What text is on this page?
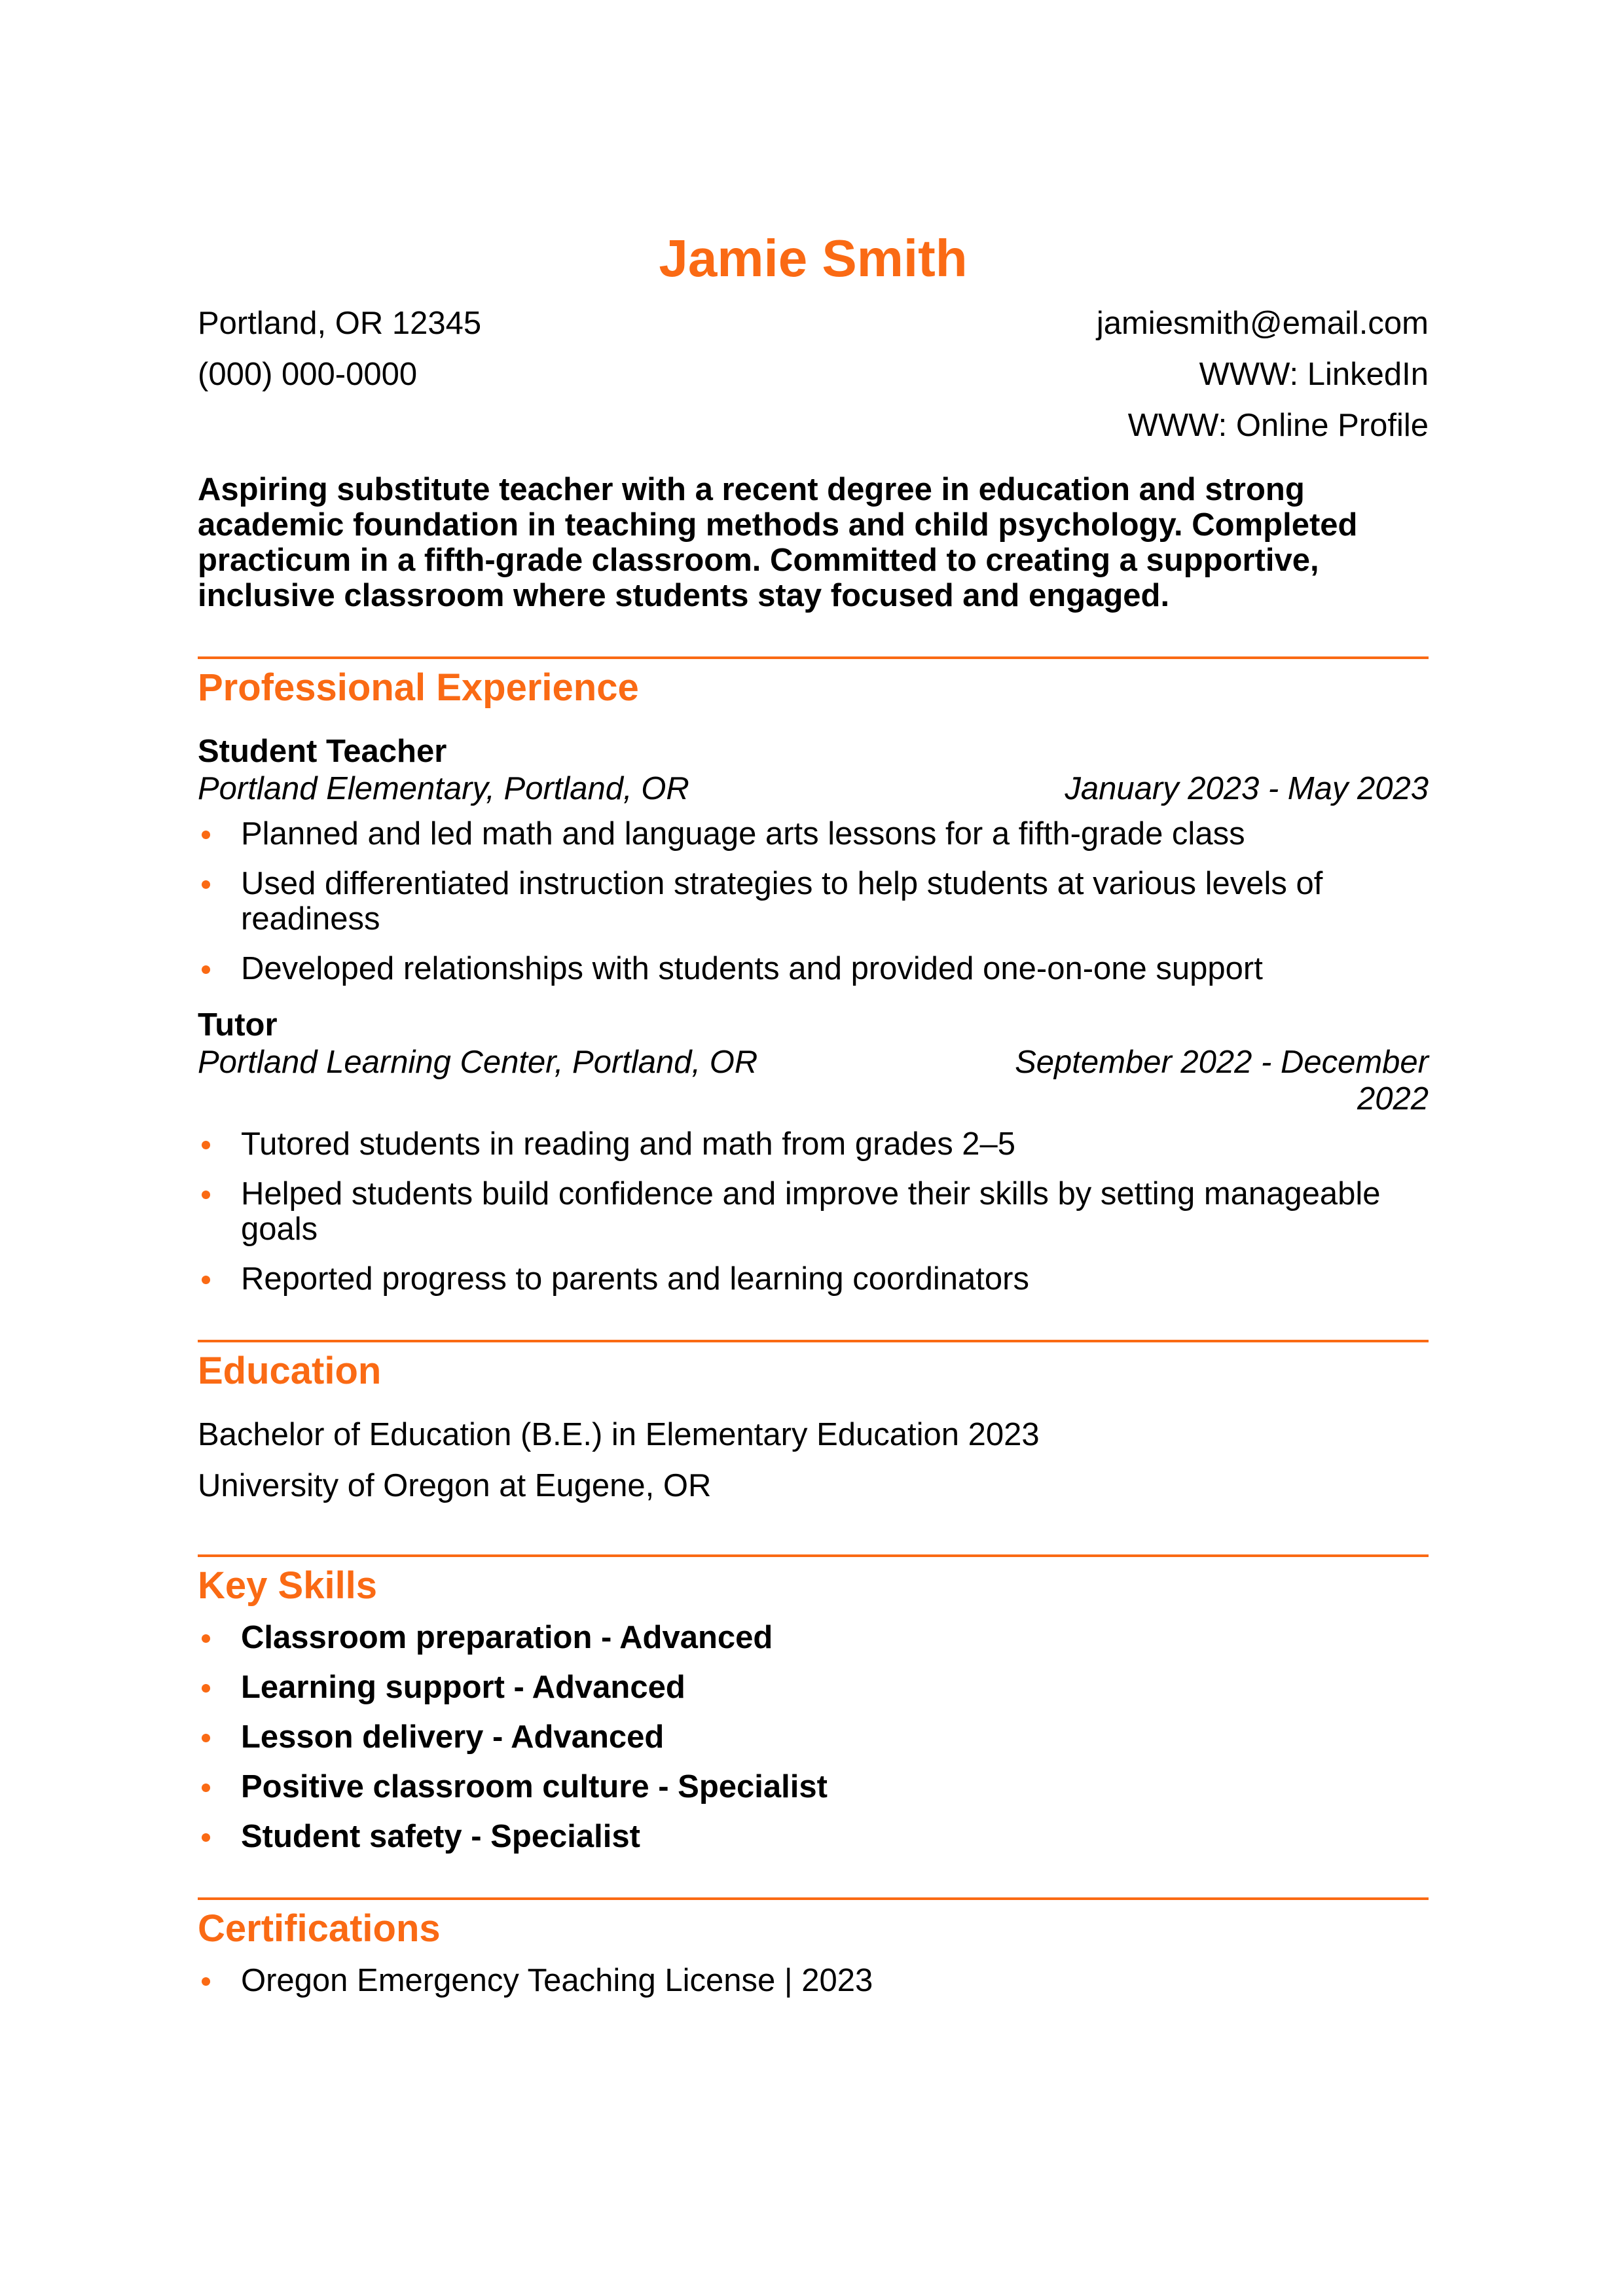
Jamie Smith
Portland, OR 12345
(000) 000-0000
jamiesmith@email.com
WWW: LinkedIn
WWW: Online Profile
Aspiring substitute teacher with a recent degree in education and strong academic foundation in teaching methods and child psychology. Completed practicum in a fifth-grade classroom. Committed to creating a supportive, inclusive classroom where students stay focused and engaged.
Professional Experience
Student Teacher
Portland Elementary, Portland, OR	January 2023 - May 2023
Planned and led math and language arts lessons for a fifth-grade class
Used differentiated instruction strategies to help students at various levels of readiness
Developed relationships with students and provided one-on-one support
Tutor
Portland Learning Center, Portland, OR	September 2022 - December 2022
Tutored students in reading and math from grades 2–5
Helped students build confidence and improve their skills by setting manageable goals
Reported progress to parents and learning coordinators
Education
Bachelor of Education (B.E.) in Elementary Education 2023
University of Oregon at Eugene, OR
Key Skills
Classroom preparation - Advanced
Learning support - Advanced
Lesson delivery - Advanced
Positive classroom culture - Specialist
Student safety - Specialist
Certifications
Oregon Emergency Teaching License | 2023
